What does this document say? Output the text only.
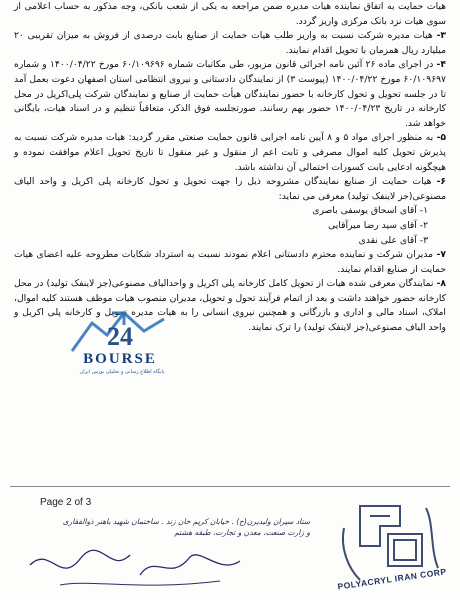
هیات حمایت به اتفاق نماینده هیات مدیره ضمن مراجعه به یکی از شعب بانکی، وجه مذکور به حساب اعلامی از سوی هیات نزد بانک مرکزی واریز گردد.

۳- هیات مدیره شرکت نسبت به واریز طلب هیات حمایت از صنایع بابت درصدی از فروش به میزان تقریبی ۲۰ میلیارد ریال همزمان با تحویل اقدام نمایند.

۴- در اجرای ماده ۲۶ آئین نامه اجرائی قانون مزبور، طی مکاتبات شماره ۶۰/۱۰۹۶۹۶ مورخ ۱۴۰۰/۰۴/۲۲ و شماره ۶۰/۱۰۹۶۹۷ مورخ ۱۴۰۰/۰۴/۲۲ (پیوست ۳) از نمایندگان دادستانی و نیروی انتظامی استان اصفهان دعوت بعمل آمد تا در جلسه تحویل و تحول کارخانه با حضور نمایندگان هیأت حمایت از صنایع و نمایندگان شرکت پلی‌اکریل در محل کارخانه در تاریخ ۱۴۰۰/۰۴/۲۳ حضور بهم رسانند. صورتجلسه فوق الذکر، متعاقباً تنظیم و در اسناد هیات، بایگانی خواهد شد.

۵- به منظور اجرای مواد ۵ و ۸ آیین نامه اجرایی قانون حمایت صنعتی مقرر گردید: هیات مدیره شرکت نسبت به پذیرش تحویل کلیه اموال مصرفی و ثابت اعم از منقول و غیر منقول تا تاریخ تحویل اعلام موافقت نموده و هیچگونه ادعایی بابت کسورات احتمالی آن نداشته باشد.

۶- هیات حمایت از صنایع نمایندگان مشروحه ذیل را جهت تحویل و تحول کارخانه پلی اکریل و واحد الیاف مصنوعی(جز لاینفک تولید) معرفی می نماید:

۱- آقای اسحاق یوسفی باصری

۲- آقای سید رضا میرآقایی

۳- آقای علی نقدی

۷- مدیران شرکت و نماینده محترم دادستانی اعلام نمودند نسبت به استرداد شکایات مطروحه علیه اعضای هیات حمایت از صنایع اقدام نمایند.

۸- نمایندگان معرفی شده هیات از تحویل کامل کارخانه پلی اکریل و واحدالیاف مصنوعی(جز لاینفک تولید) در محل کارخانه حضور خواهند داشت و بعد از اتمام فرآیند تحول و تحویل، مدیران منصوب هیات موظف هستند کلیه اموال، املاک، اسناد مالی و اداری و بازرگانی و همچنین نیروی انسانی را به هیات مدیره تحویل و کارخانه پلی اکریل و واحد الیاف مصنوعی(جز لاینفک تولید) را ترک نمایند.

24
BOURSE
پایگاه اطلاع رسانی و تحلیلی بورس ایران
Page 2 of 3
ستاد سیران ولیدیرن(ح) . خیابان کریم خان زند . ساختمان شهید باهنر ذوالفقاری و زارت صنعت، معدن و تجارت، طبقه هشتم
POLYACRYL IRAN CORP
